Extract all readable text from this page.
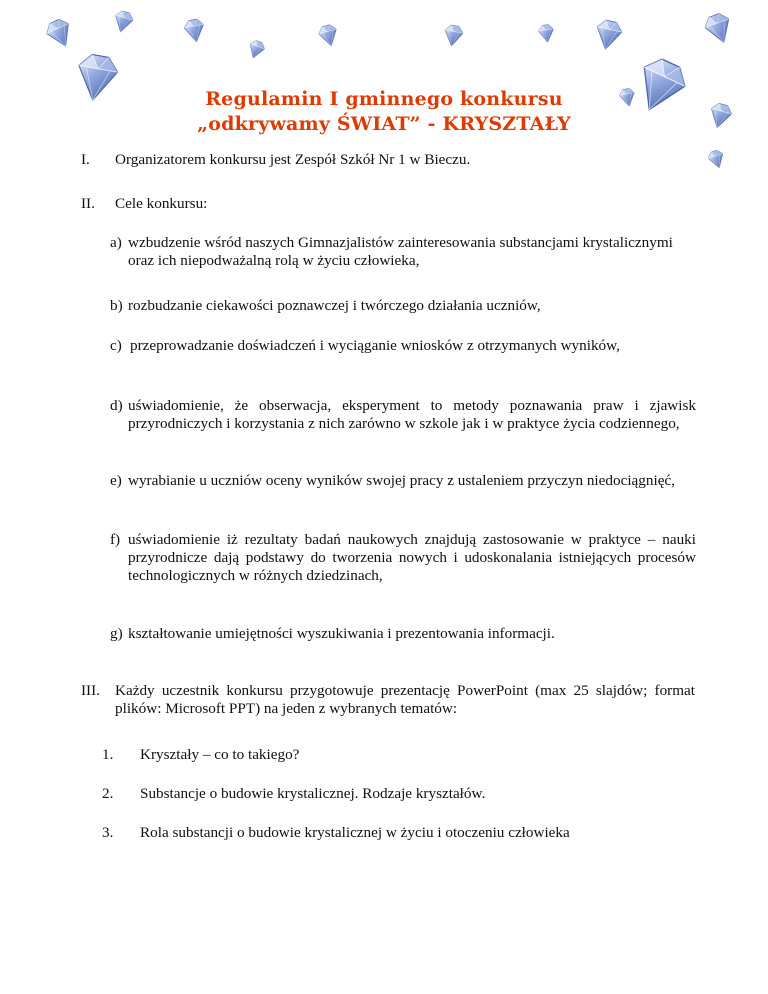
Regulamin I gminnego konkursu
„odkrywamy ŚWIAT” - KRYSZTAŁY
I.	Organizatorem konkursu jest Zespół Szkół Nr 1 w Bieczu.
II.	Cele konkursu:
a) wzbudzenie wśród naszych Gimnazjalistów zainteresowania substancjami krystalicznymi oraz ich niepodważalną rolą w życiu człowieka,
b) rozbudzanie ciekawości poznawczej i twórczego działania uczniów,
c) przeprowadzanie doświadczeń i wyciąganie wniosków z otrzymanych wyników,
d) uświadomienie, że obserwacja, eksperyment to metody poznawania praw i zjawisk przyrodniczych i korzystania z nich zarówno w szkole jak i w praktyce życia codziennego,
e) wyrabianie u uczniów oceny wyników swojej pracy z ustaleniem przyczyn niedociągnięć,
f) uświadomienie iż rezultaty badań naukowych znajdują zastosowanie w praktyce – nauki przyrodnicze dają podstawy do tworzenia nowych i udoskonalania istniejących procesów technologicznych w różnych dziedzinach,
g) kształtowanie umiejętności wyszukiwania i prezentowania informacji.
III. Każdy uczestnik konkursu przygotowuje prezentację PowerPoint (max 25 slajdów; format plików: Microsoft PPT) na jeden z wybranych tematów:
1.	Kryształy – co to takiego?
2.	Substancje o budowie krystalicznej. Rodzaje kryształów.
3.	Rola substancji o budowie krystalicznej w życiu i otoczeniu człowieka
